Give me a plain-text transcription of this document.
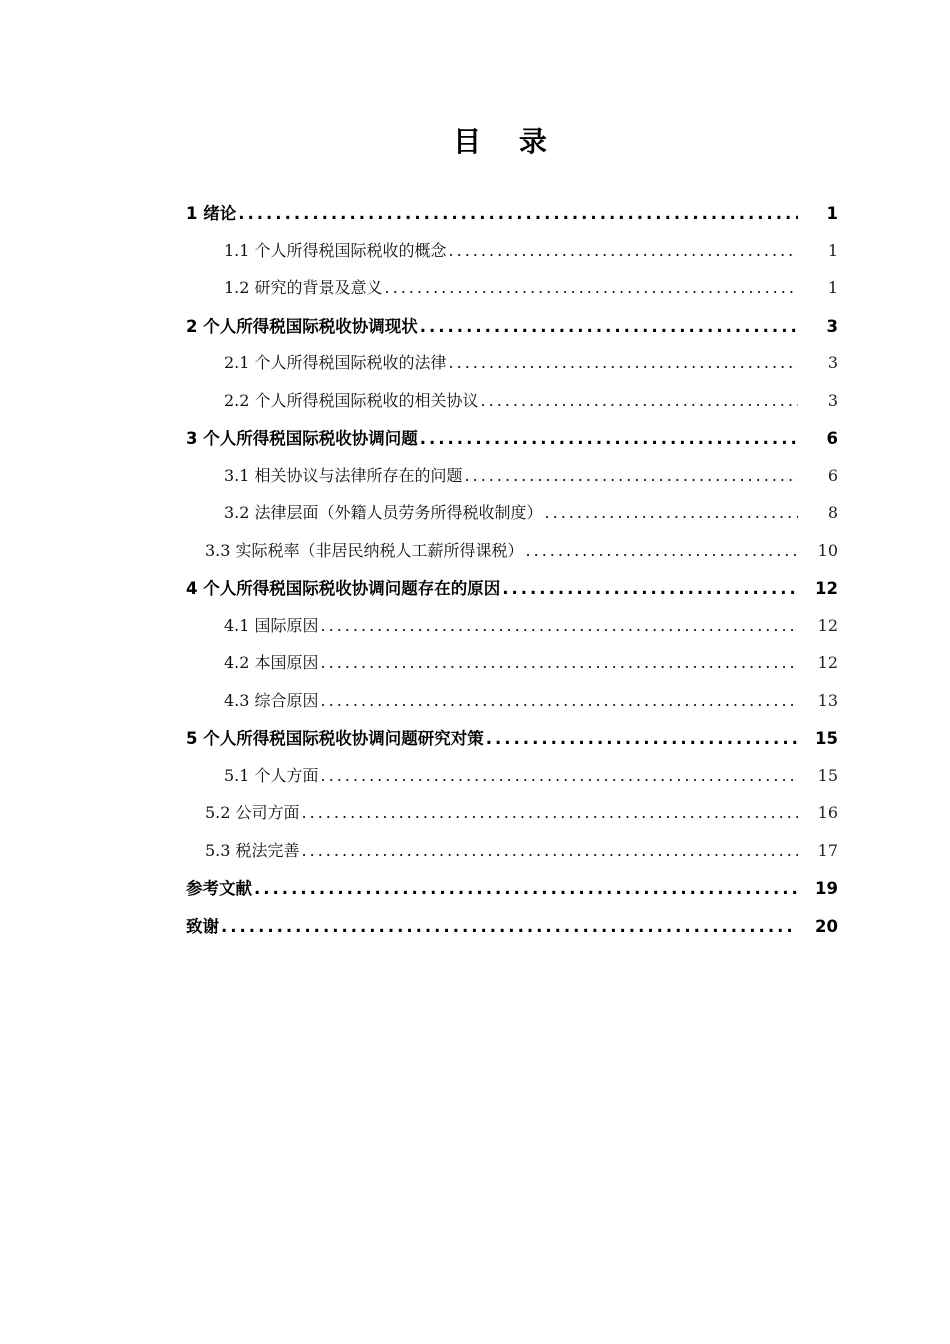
目 录
1 绪论 .....	1
1.1 个人所得税国际税收的概念 .....	1
1.2 研究的背景及意义 .....	1
2 个人所得税国际税收协调现状 .....	3
2.1 个人所得税国际税收的法律 .....	3
2.2 个人所得税国际税收的相关协议 .....	3
3 个人所得税国际税收协调问题 .....	6
3.1 相关协议与法律所存在的问题 .....	6
3.2 法律层面（外籍人员劳务所得税收制度） .....	8
3.3 实际税率（非居民纳税人工薪所得课税） .....	10
4 个人所得税国际税收协调问题存在的原因 .....	12
4.1 国际原因 .....	12
4.2 本国原因 .....	12
4.3 综合原因 .....	13
5 个人所得税国际税收协调问题研究对策 .....	15
5.1 个人方面 .....	15
5.2 公司方面 .....	16
5.3 税法完善 .....	17
参考文献 .....	19
致谢 .....	20
